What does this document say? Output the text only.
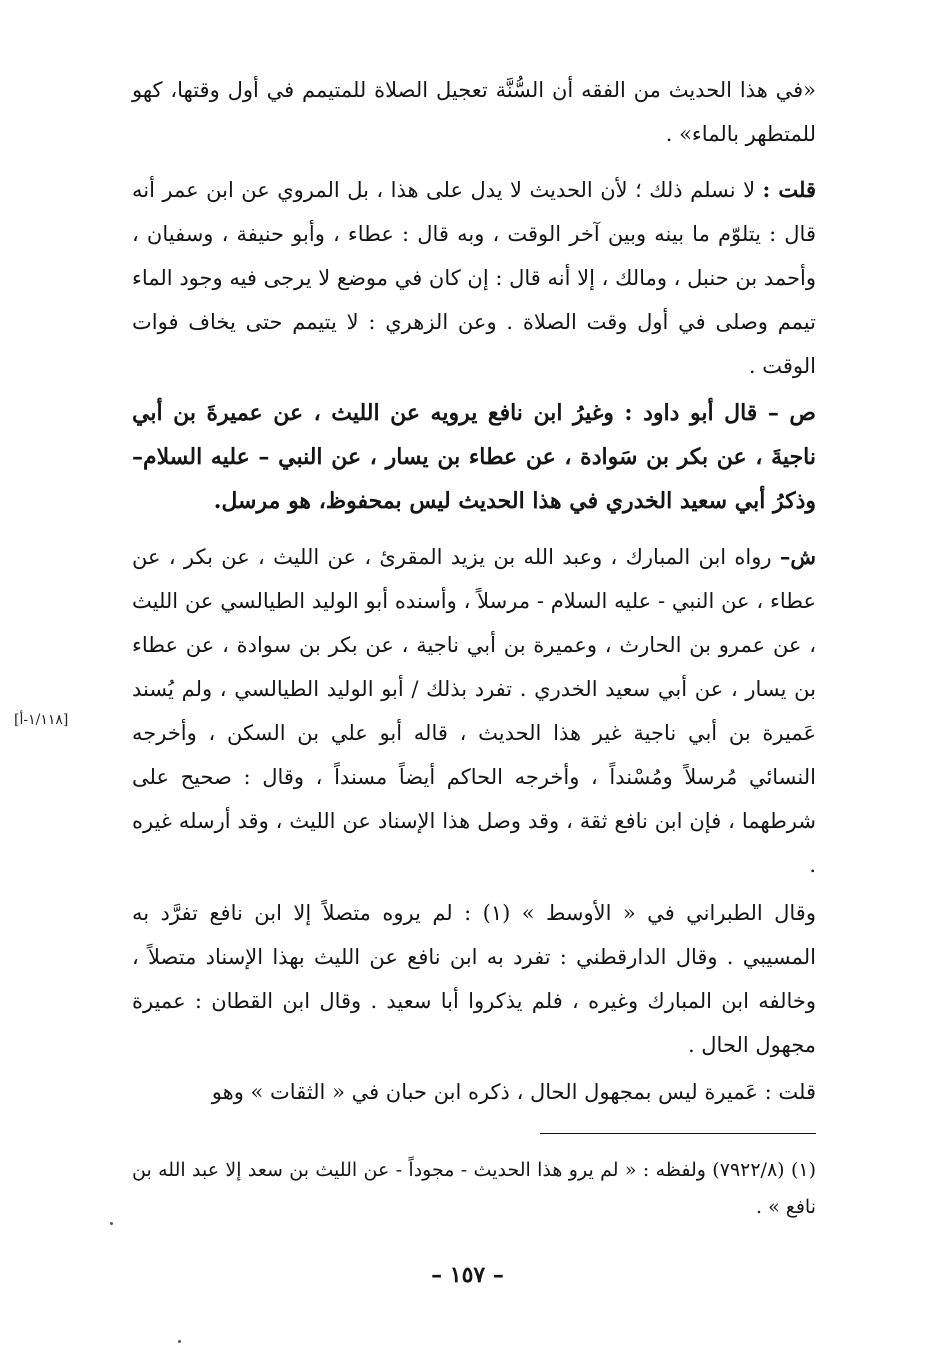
«في هذا الحديث من الفقه أن السُّنَّة تعجيل الصلاة للمتيمم في أول وقتها، كهو للمتطهر بالماء» .

قلت : لا نسلم ذلك ؛ لأن الحديث لا يدل على هذا ، بل المروي عن ابن عمر أنه قال : يتلوّم ما بينه وبين آخر الوقت ، وبه قال : عطاء ، وأبو حنيفة ، وسفيان ، وأحمد بن حنبل ، ومالك ، إلا أنه قال : إن كان في موضع لا يرجى فيه وجود الماء تيمم وصلى في أول وقت الصلاة . وعن الزهري : لا يتيمم حتى يخاف فوات الوقت .

ص – قال أبو داود : وغيرُ ابن نافع يرويه عن الليث ، عن عميرةَ بن أبي ناجيةَ ، عن بكر بن سَوادة ، عن عطاء بن يسار ، عن النبي – عليه السلام– وذكرُ أبي سعيد الخدري في هذا الحديث ليس بمحفوظ، هو مرسل.

ش– رواه ابن المبارك ، وعبد الله بن يزيد المقرئ ، عن الليث ، عن بكر ، عن عطاء ، عن النبي - عليه السلام - مرسلاً ، وأسنده أبو الوليد الطيالسي عن الليث ، عن عمرو بن الحارث ، وعميرة بن أبي ناجية ، عن بكر بن سوادة ، عن عطاء بن يسار ، عن أبي سعيد الخدري . تفرد بذلك / أبو الوليد الطيالسي ، ولم يُسند عَميرة بن أبي ناجية غير هذا الحديث ، قاله أبو علي بن السكن ، وأخرجه النسائي مُرسلاً ومُسْنداً ، وأخرجه الحاكم أيضاً مسنداً ، وقال : صحيح على شرطهما ، فإن ابن نافع ثقة ، وقد وصل هذا الإسناد عن الليث ، وقد أرسله غيره .

[١/١١٨-أ]

وقال الطبراني في « الأوسط » (١) : لم يروه متصلاً إلا ابن نافع تفرَّد به المسيبي . وقال الدارقطني : تفرد به ابن نافع عن الليث بهذا الإسناد متصلاً ، وخالفه ابن المبارك وغيره ، فلم يذكروا أبا سعيد . وقال ابن القطان : عميرة مجهول الحال .

قلت : عَميرة ليس بمجهول الحال ، ذكره ابن حبان في « الثقات » وهو

(١) (٧٩٢٢/٨) ولفظه : « لم يرو هذا الحديث - مجوداً - عن الليث بن سعد إلا عبد الله بن نافع » .
– ١٥٧ –
